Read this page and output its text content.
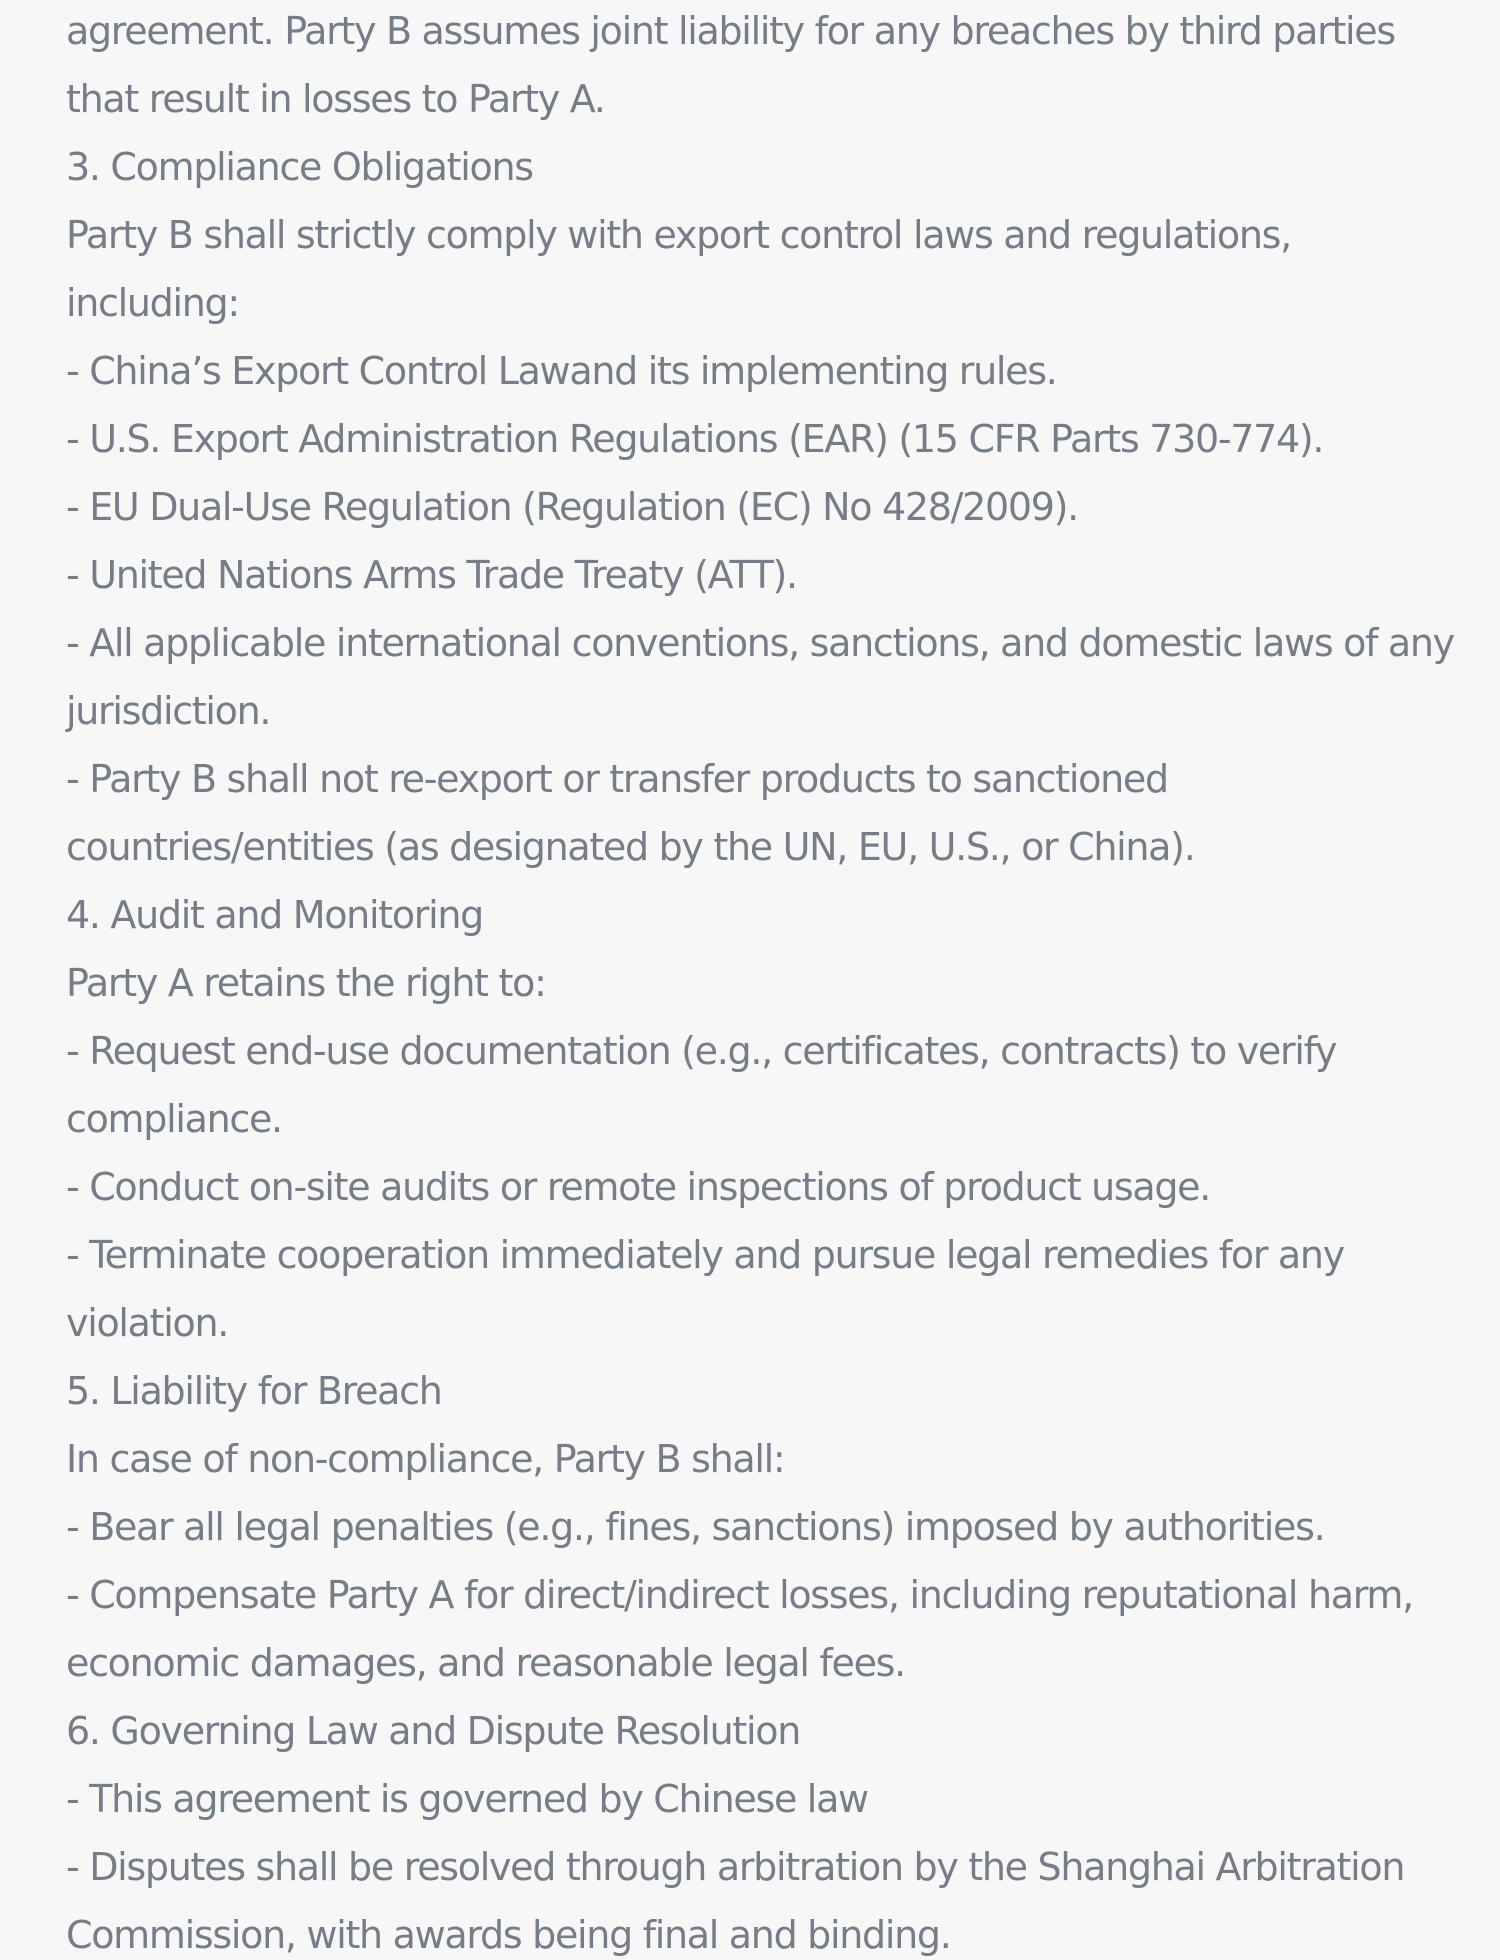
agreement. Party B assumes joint liability for any breaches by third parties

that result in losses to Party A.

3. Compliance Obligations

Party B shall strictly comply with export control laws and regulations,

including:

- China’s Export Control Lawand its implementing rules.

- U.S. Export Administration Regulations (EAR) (15 CFR Parts 730-774).

- EU Dual-Use Regulation (Regulation (EC) No 428/2009).

- United Nations Arms Trade Treaty (ATT).

- All applicable international conventions, sanctions, and domestic laws of any

jurisdiction.

- Party B shall not re-export or transfer products to sanctioned

countries/entities (as designated by the UN, EU, U.S., or China).

4. Audit and Monitoring

Party A retains the right to:

- Request end-use documentation (e.g., certificates, contracts) to verify

compliance.

- Conduct on-site audits or remote inspections of product usage.

- Terminate cooperation immediately and pursue legal remedies for any

violation.

5. Liability for Breach

In case of non-compliance, Party B shall:

- Bear all legal penalties (e.g., fines, sanctions) imposed by authorities.

- Compensate Party A for direct/indirect losses, including reputational harm,

economic damages, and reasonable legal fees.

6. Governing Law and Dispute Resolution

- This agreement is governed by Chinese law

- Disputes shall be resolved through arbitration by the Shanghai Arbitration

Commission, with awards being final and binding.
